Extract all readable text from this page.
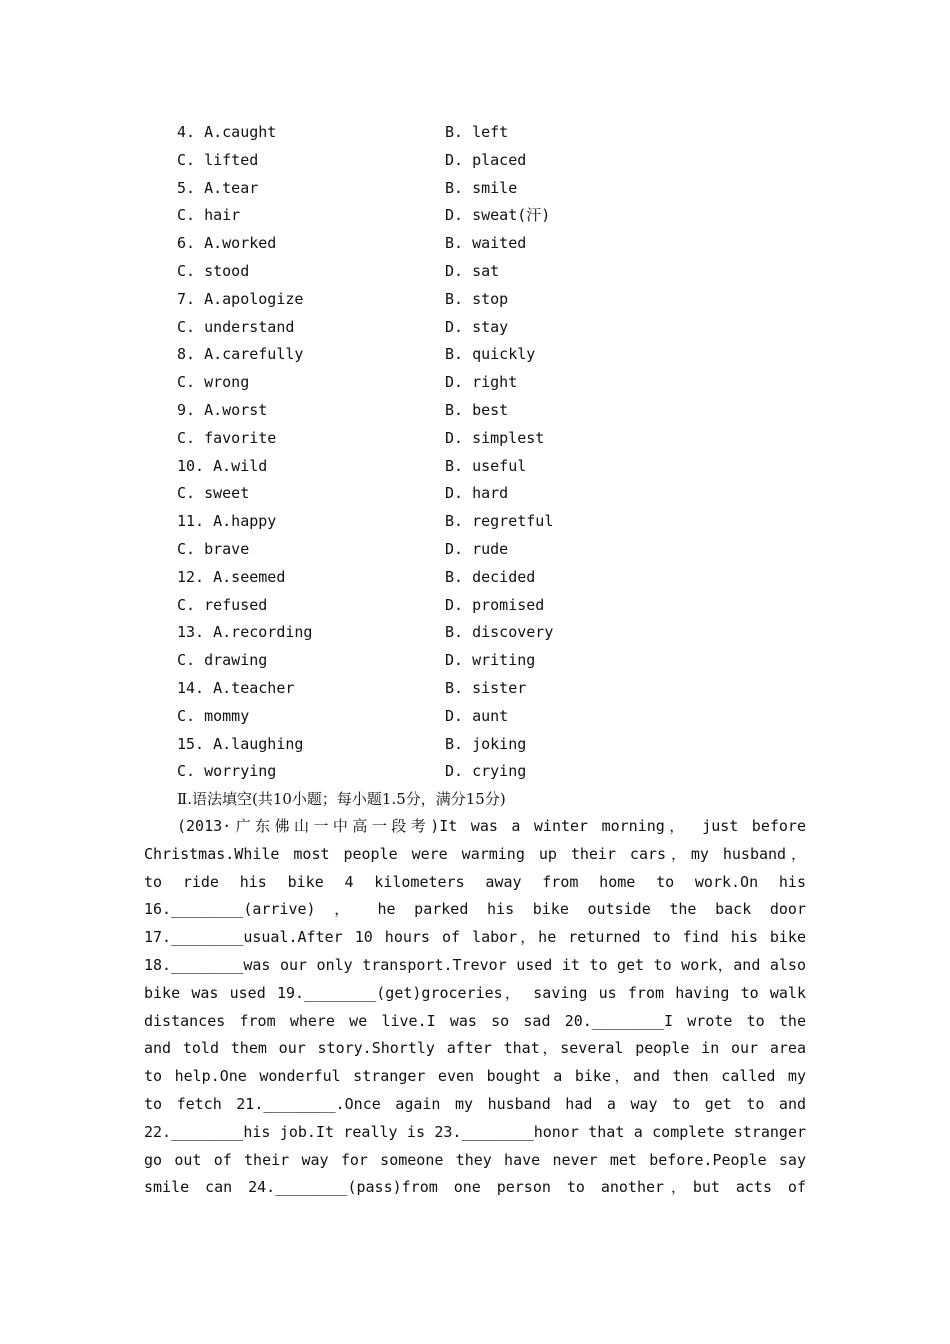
4. A.caught	B. left
C. lifted	D. placed
5. A.tear	B. smile
C. hair	D. sweat(汗)
6. A.worked	B. waited
C. stood	D. sat
7. A.apologize	B. stop
C. understand	D. stay
8. A.carefully	B. quickly
C. wrong	D. right
9. A.worst	B. best
C. favorite	D. simplest
10. A.wild	B. useful
C. sweet	D. hard
11. A.happy	B. regretful
C. brave	D. rude
12. A.seemed	B. decided
C. refused	D. promised
13. A.recording	B. discovery
C. drawing	D. writing
14. A.teacher	B. sister
C. mommy	D. aunt
15. A.laughing	B. joking
C. worrying	D. crying
Ⅱ.语法填空(共10小题；每小题1.5分，满分15分)
(2013·广东佛山一中高一段考)It was a winter morning， just before
Christmas.While most people were warming up their cars，my husband，
to ride his bike 4 kilometers away from home to work.On his
16.________(arrive) ， he parked his bike outside the back door
17.________usual.After 10 hours of labor，he returned to find his bike
18.________was our only transport.Trevor used it to get to work，and also
bike was used 19.________(get)groceries， saving us from having to walk
distances from where we live.I was so sad 20.________I wrote to the
and told them our story.Shortly after that，several people in our area
to help.One wonderful stranger even bought a bike，and then called my
to fetch 21.________.Once again my husband had a way to get to and
22.________his job.It really is 23.________honor that a complete stranger
go out of their way for someone they have never met before.People say
smile can 24.________(pass)from one person to another，but acts of
